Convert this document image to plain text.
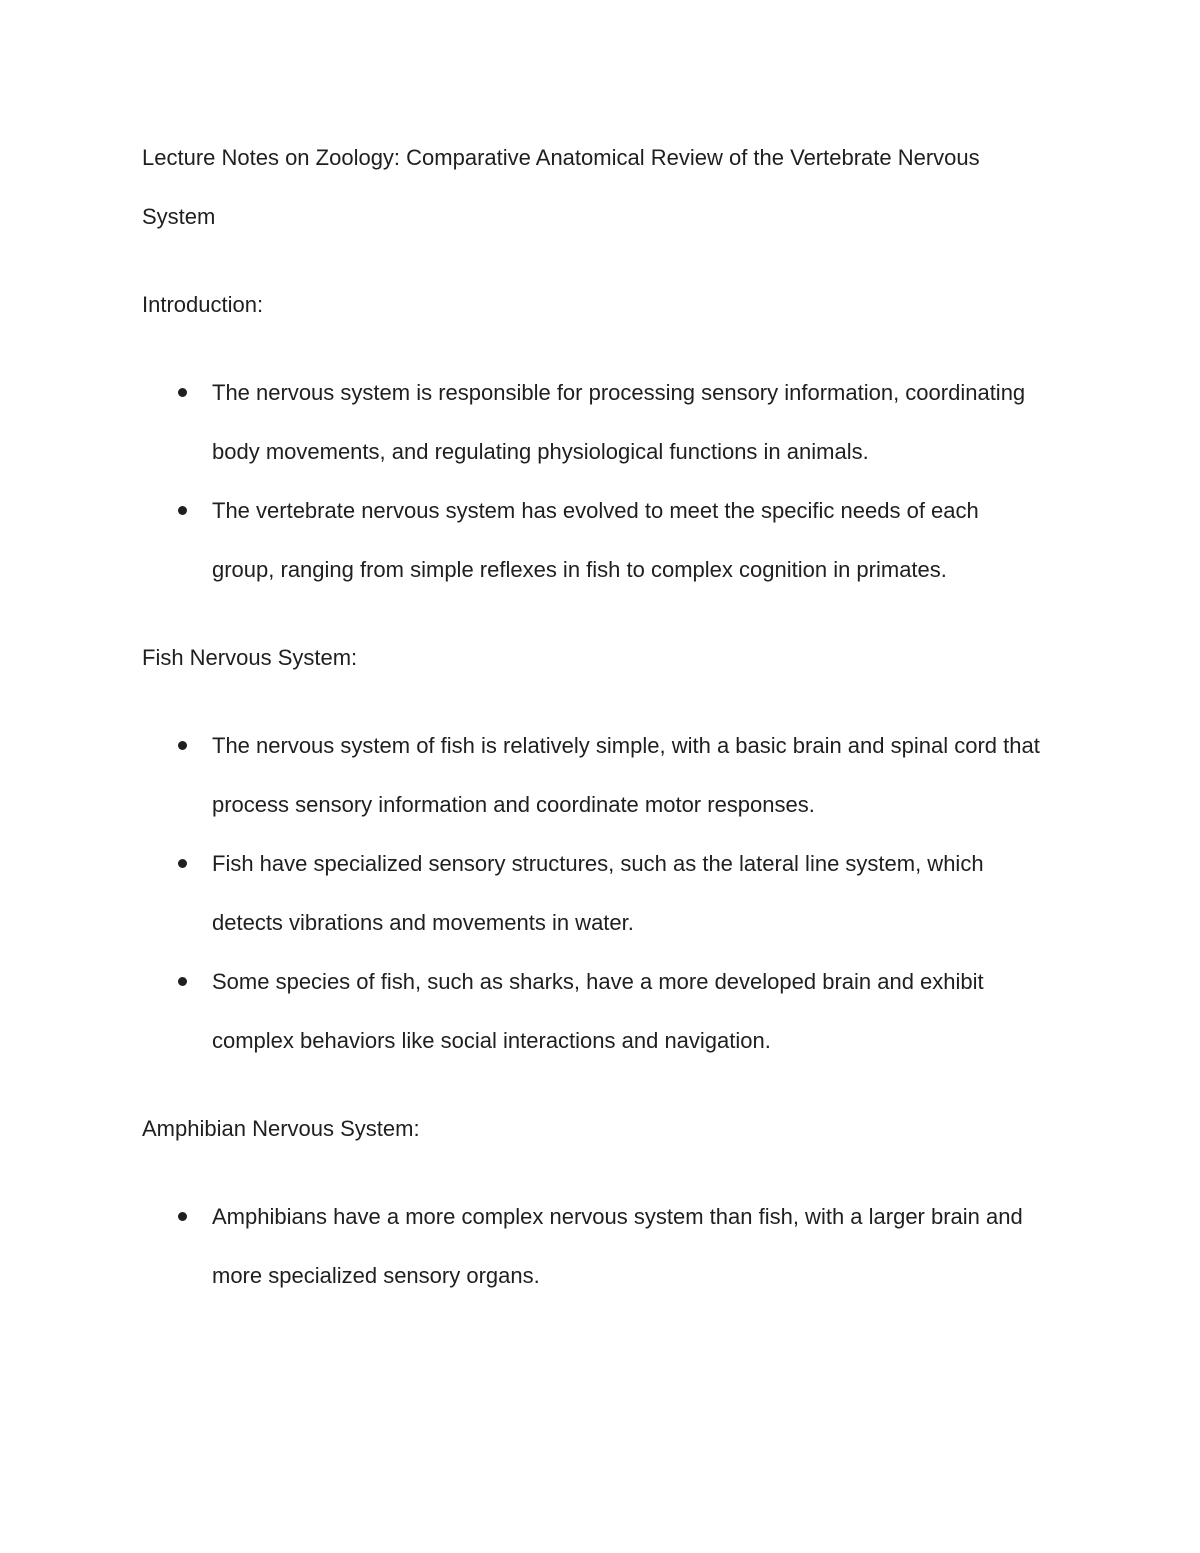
Lecture Notes on Zoology: Comparative Anatomical Review of the Vertebrate Nervous System
Introduction:
The nervous system is responsible for processing sensory information, coordinating body movements, and regulating physiological functions in animals.
The vertebrate nervous system has evolved to meet the specific needs of each group, ranging from simple reflexes in fish to complex cognition in primates.
Fish Nervous System:
The nervous system of fish is relatively simple, with a basic brain and spinal cord that process sensory information and coordinate motor responses.
Fish have specialized sensory structures, such as the lateral line system, which detects vibrations and movements in water.
Some species of fish, such as sharks, have a more developed brain and exhibit complex behaviors like social interactions and navigation.
Amphibian Nervous System:
Amphibians have a more complex nervous system than fish, with a larger brain and more specialized sensory organs.
